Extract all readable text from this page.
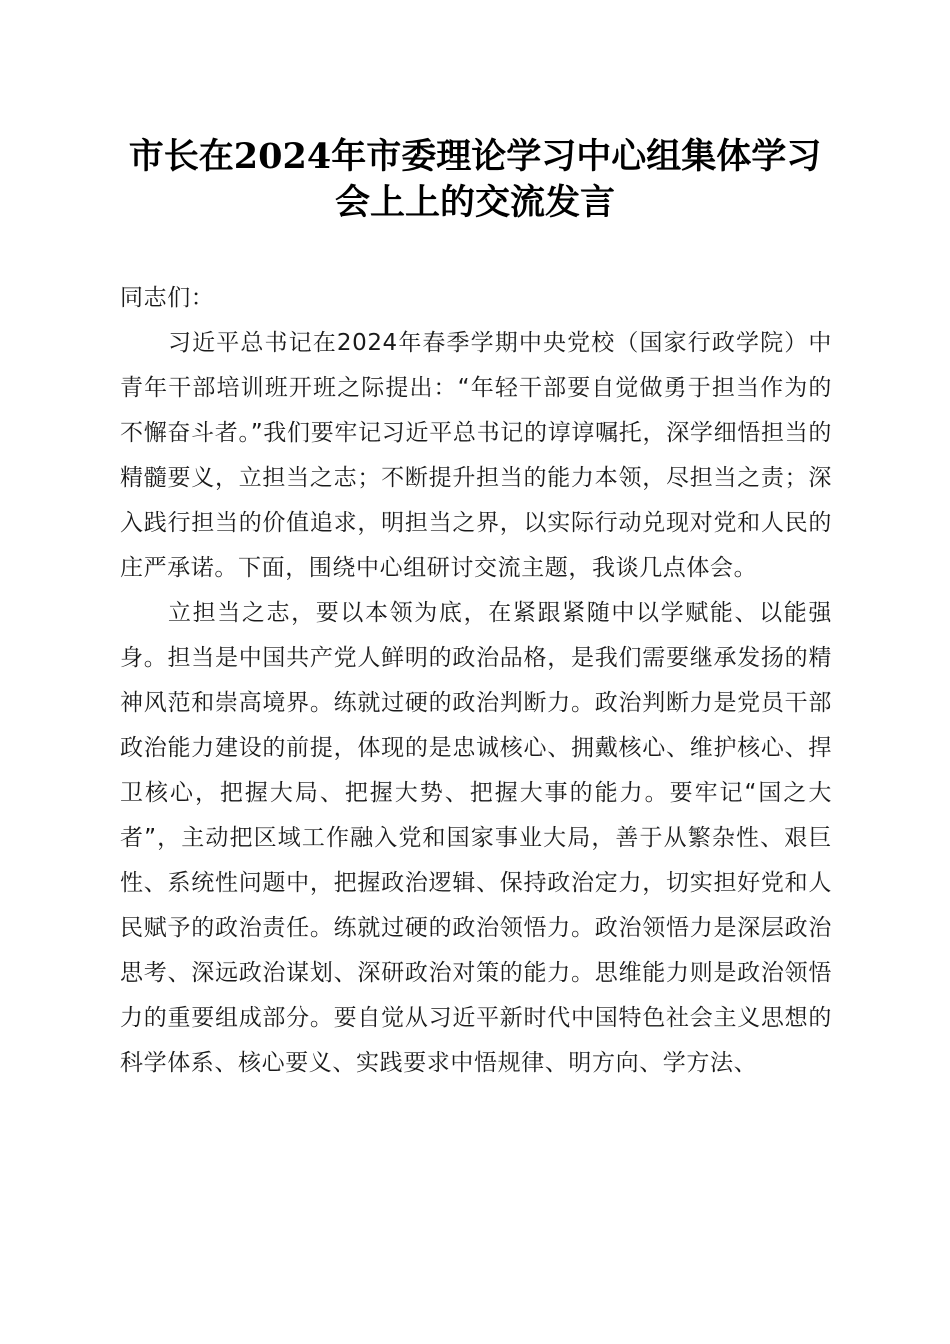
市长在2024年市委理论学习中心组集体学习
会上上的交流发言

同志们：

习近平总书记在2024年春季学期中央党校（国家行政学院）中青年干部培训班开班之际提出：“年轻干部要自觉做勇于担当作为的不懈奋斗者。”我们要牢记习近平总书记的谆谆嘱托，深学细悟担当的精髓要义，立担当之志；不断提升担当的能力本领，尽担当之责；深入践行担当的价值追求，明担当之界，以实际行动兑现对党和人民的庄严承诺。下面，围绕中心组研讨交流主题，我谈几点体会。

立担当之志，要以本领为底，在紧跟紧随中以学赋能、以能强身。担当是中国共产党人鲜明的政治品格，是我们需要继承发扬的精神风范和崇高境界。练就过硬的政治判断力。政治判断力是党员干部政治能力建设的前提，体现的是忠诚核心、拥戴核心、维护核心、捍卫核心，把握大局、把握大势、把握大事的能力。要牢记“国之大者”，主动把区域工作融入党和国家事业大局，善于从繁杂性、艰巨性、系统性问题中，把握政治逻辑、保持政治定力，切实担好党和人民赋予的政治责任。练就过硬的政治领悟力。政治领悟力是深层政治思考、深远政治谋划、深研政治对策的能力。思维能力则是政治领悟力的重要组成部分。要自觉从习近平新时代中国特色社会主义思想的科学体系、核心要义、实践要求中悟规律、明方向、学方法、
